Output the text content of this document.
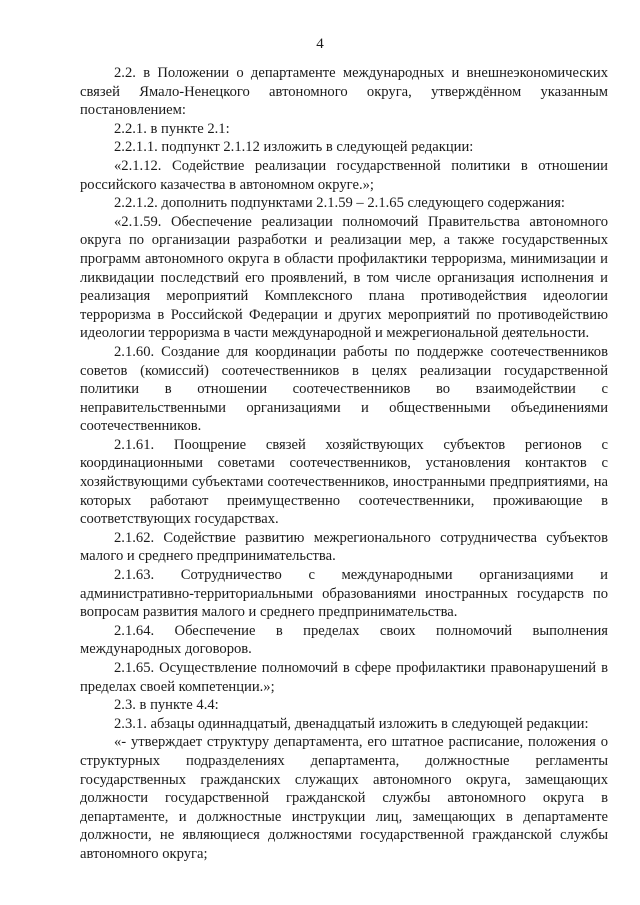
4

2.2. в Положении о департаменте международных и внешнеэкономических связей Ямало-Ненецкого автономного округа, утверждённом указанным постановлением:

2.2.1. в пункте 2.1:

2.2.1.1. подпункт 2.1.12 изложить в следующей редакции:

«2.1.12. Содействие реализации государственной политики в отношении российского казачества в автономном округе.»;

2.2.1.2. дополнить подпунктами 2.1.59 – 2.1.65 следующего содержания:

«2.1.59. Обеспечение реализации полномочий Правительства автономного округа по организации разработки и реализации мер, а также государственных программ автономного округа в области профилактики терроризма, минимизации и ликвидации последствий его проявлений, в том числе организация исполнения и реализация мероприятий Комплексного плана противодействия идеологии терроризма в Российской Федерации и других мероприятий по противодействию идеологии терроризма в части международной и межрегиональной деятельности.

2.1.60. Создание для координации работы по поддержке соотечественников советов (комиссий) соотечественников в целях реализации государственной политики в отношении соотечественников во взаимодействии с неправительственными организациями и общественными объединениями соотечественников.

2.1.61. Поощрение связей хозяйствующих субъектов регионов с координационными советами соотечественников, установления контактов с хозяйствующими субъектами соотечественников, иностранными предприятиями, на которых работают преимущественно соотечественники, проживающие в соответствующих государствах.

2.1.62. Содействие развитию межрегионального сотрудничества субъектов малого и среднего предпринимательства.

2.1.63. Сотрудничество с международными организациями и административно-территориальными образованиями иностранных государств по вопросам развития малого и среднего предпринимательства.

2.1.64. Обеспечение в пределах своих полномочий выполнения международных договоров.

2.1.65. Осуществление полномочий в сфере профилактики правонарушений в пределах своей компетенции.»;

2.3. в пункте 4.4:

2.3.1. абзацы одиннадцатый, двенадцатый изложить в следующей редакции:

«- утверждает структуру департамента, его штатное расписание, положения о структурных подразделениях департамента, должностные регламенты государственных гражданских служащих автономного округа, замещающих должности государственной гражданской службы автономного округа в департаменте, и должностные инструкции лиц, замещающих в департаменте должности, не являющиеся должностями государственной гражданской службы автономного округа;
